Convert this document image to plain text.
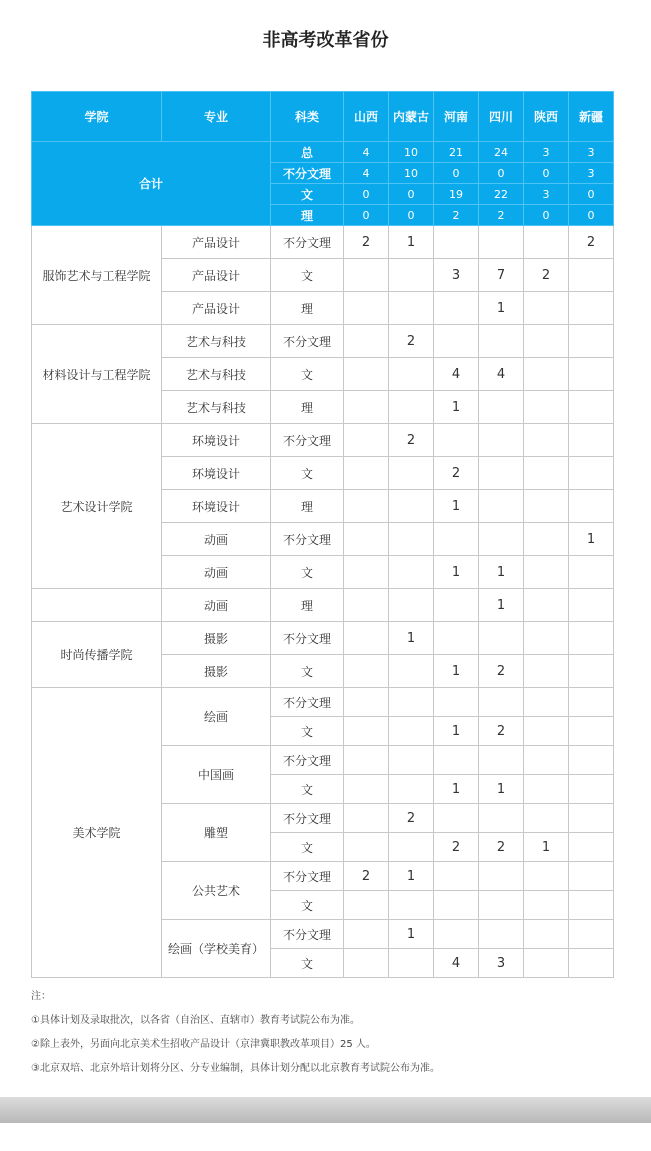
非高考改革省份
学院	专业	科类	山西	内蒙古	河南	四川	陕西	新疆
合计		总	4	10	21	24	3	3
		不分文理	4	10	0	0	0	3
		文	0	0	19	22	3	0
		理	0	0	2	2	0	0
服饰艺术与工程学院	产品设计	不分文理	2	1				2
	产品设计	文			3	7	2	
	产品设计	理				1		
材料设计与工程学院	艺术与科技	不分文理		2				
	艺术与科技	文			4	4		
	艺术与科技	理			1			
艺术设计学院	环境设计	不分文理		2				
	环境设计	文			2			
	环境设计	理			1			
	动画	不分文理						1
	动画	文			1	1		
	动画	理				1		
时尚传播学院	摄影	不分文理		1				
	摄影	文			1	2		
美术学院	绘画	不分文理						
		文			1	2		
	中国画	不分文理						
		文			1	1		
	雕塑	不分文理		2				
		文			2	2	1	
	公共艺术	不分文理	2	1				
		文						
	绘画（学校美育）	不分文理		1				
		文			4	3		
注：
①具体计划及录取批次，以各省（自治区、直辖市）教育考试院公布为准。
②除上表外，另面向北京美术生招收产品设计（京津冀职教改革项目）25 人。
③北京双培、北京外培计划将分区、分专业编制，具体计划分配以北京教育考试院公布为准。
